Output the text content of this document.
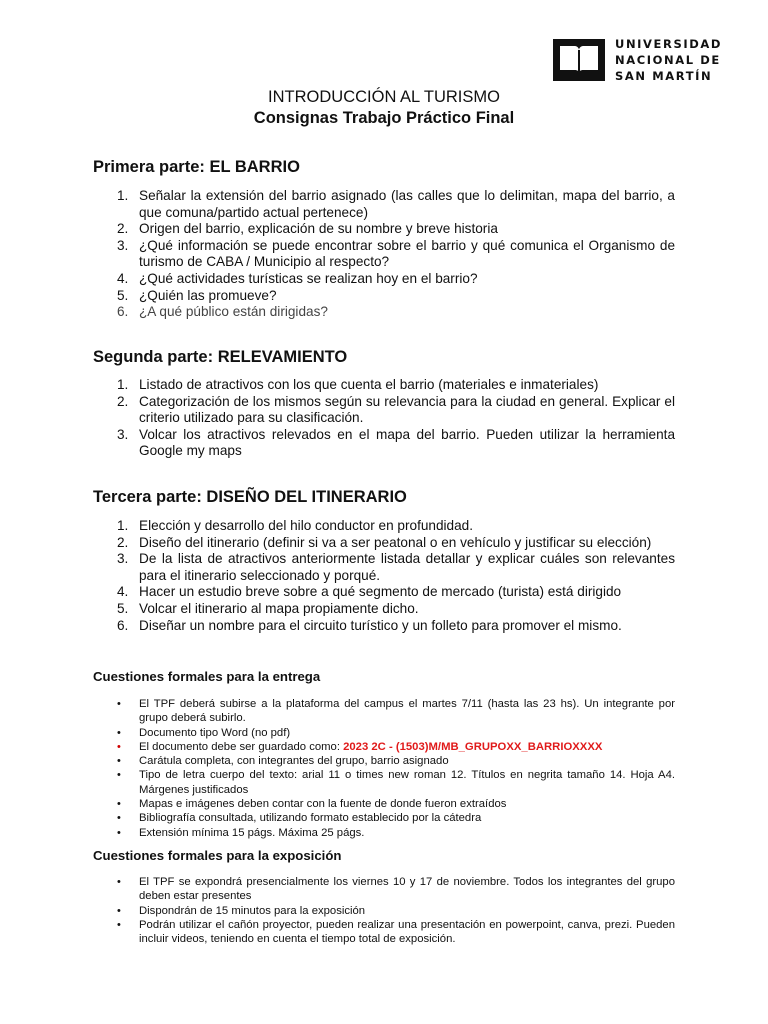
UNIVERSIDAD
NACIONAL DE
SAN MARTÍN
INTRODUCCIÓN AL TURISMO
Consignas Trabajo Práctico Final
Primera parte: EL BARRIO
1. Señalar la extensión del barrio asignado (las calles que lo delimitan, mapa del barrio, a que comuna/partido actual pertenece)
2. Origen del barrio, explicación de su nombre y breve historia
3. ¿Qué información se puede encontrar sobre el barrio y qué comunica el Organismo de turismo de CABA / Municipio al respecto?
4. ¿Qué actividades turísticas se realizan hoy en el barrio?
5. ¿Quién las promueve?
6. ¿A qué público están dirigidas?
Segunda parte: RELEVAMIENTO
1. Listado de atractivos con los que cuenta el barrio (materiales e inmateriales)
2. Categorización de los mismos según su relevancia para la ciudad en general. Explicar el criterio utilizado para su clasificación.
3. Volcar los atractivos relevados en el mapa del barrio. Pueden utilizar la herramienta Google my maps
Tercera parte: DISEÑO DEL ITINERARIO
1. Elección y desarrollo del hilo conductor en profundidad.
2. Diseño del itinerario (definir si va a ser peatonal o en vehículo y justificar su elección)
3. De la lista de atractivos anteriormente listada detallar y explicar cuáles son relevantes para el itinerario seleccionado y porqué.
4. Hacer un estudio breve sobre a qué segmento de mercado (turista) está dirigido
5. Volcar el itinerario al mapa propiamente dicho.
6. Diseñar un nombre para el circuito turístico y un folleto para promover el mismo.
Cuestiones formales para la entrega
• El TPF deberá subirse a la plataforma del campus el martes 7/11 (hasta las 23 hs). Un integrante por grupo deberá subirlo.
• Documento tipo Word (no pdf)
• El documento debe ser guardado como: 2023 2C - (1503)M/MB_GRUPOXX_BARRIOXXXX
• Carátula completa, con integrantes del grupo, barrio asignado
• Tipo de letra cuerpo del texto: arial 11 o times new roman 12. Títulos en negrita tamaño 14. Hoja A4. Márgenes justificados
• Mapas e imágenes deben contar con la fuente de donde fueron extraídos
• Bibliografía consultada, utilizando formato establecido por la cátedra
• Extensión mínima 15 págs. Máxima 25 págs.
Cuestiones formales para la exposición
• El TPF se expondrá presencialmente los viernes 10 y 17 de noviembre. Todos los integrantes del grupo deben estar presentes
• Dispondrán de 15 minutos para la exposición
• Podrán utilizar el cañón proyector, pueden realizar una presentación en powerpoint, canva, prezi. Pueden incluir videos, teniendo en cuenta el tiempo total de exposición.
